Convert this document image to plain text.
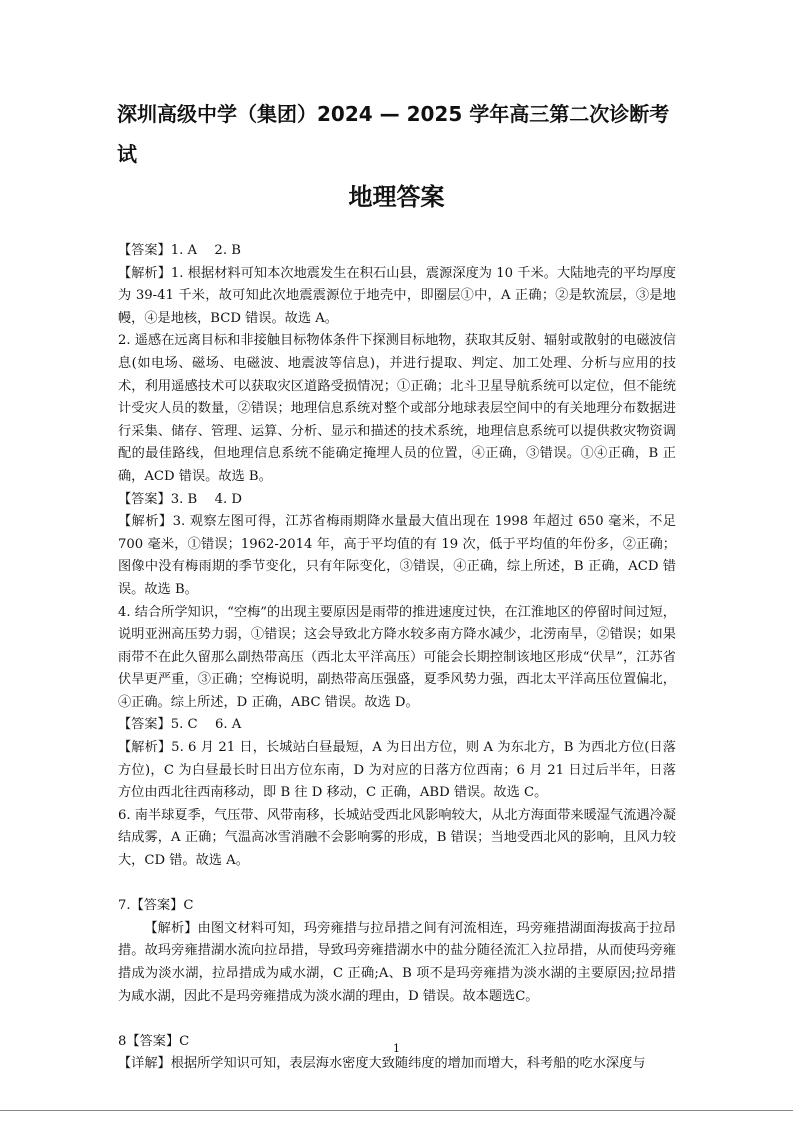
深圳高级中学（集团）2024 — 2025 学年高三第二次诊断考试
地理答案

【答案】1. A　 2. B

【解析】1. 根据材料可知本次地震发生在积石山县，震源深度为 10 千米。大陆地壳的平均厚度为 39-41 千米，故可知此次地震震源位于地壳中，即圈层①中，A 正确；②是软流层，③是地幔，④是地核，BCD 错误。故选 A。

2. 遥感在远离目标和非接触目标物体条件下探测目标地物，获取其反射、辐射或散射的电磁波信息(如电场、磁场、电磁波、地震波等信息)，并进行提取、判定、加工处理、分析与应用的技术，利用遥感技术可以获取灾区道路受损情况；①正确；北斗卫星导航系统可以定位，但不能统计受灾人员的数量，②错误；地理信息系统对整个或部分地球表层空间中的有关地理分布数据进行采集、储存、管理、运算、分析、显示和描述的技术系统，地理信息系统可以提供救灾物资调配的最佳路线，但地理信息系统不能确定掩埋人员的位置，④正确，③错误。①④正确，B 正确，ACD 错误。故选 B。

【答案】3. B　 4. D

【解析】3. 观察左图可得，江苏省梅雨期降水量最大值出现在 1998 年超过 650 毫米，不足 700 毫米，①错误；1962-2014 年，高于平均值的有 19 次，低于平均值的年份多，②正确；图像中没有梅雨期的季节变化，只有年际变化，③错误，④正确，综上所述，B 正确，ACD 错误。故选 B。

4. 结合所学知识，“空梅”的出现主要原因是雨带的推进速度过快，在江淮地区的停留时间过短，说明亚洲高压势力弱，①错误；这会导致北方降水较多南方降水减少，北涝南旱，②错误；如果雨带不在此久留那么副热带高压（西北太平洋高压）可能会长期控制该地区形成“伏旱”，江苏省伏旱更严重，③正确；空梅说明，副热带高压强盛，夏季风势力强，西北太平洋高压位置偏北，④正确。综上所述，D 正确，ABC 错误。故选 D。

【答案】5. C　 6. A

【解析】5. 6 月 21 日，长城站白昼最短，A 为日出方位，则 A 为东北方，B 为西北方位(日落方位)，C 为白昼最长时日出方位东南，D 为对应的日落方位西南；6 月 21 日过后半年，日落方位由西北往西南移动，即 B 往 D 移动，C 正确，ABD 错误。故选 C。

6. 南半球夏季，气压带、风带南移，长城站受西北风影响较大，从北方海面带来暖湿气流遇冷凝结成雾，A 正确；气温高冰雪消融不会影响雾的形成，B 错误；当地受西北风的影响，且风力较大，CD 错。故选 A。

7.【答案】C

【解析】由图文材料可知，玛旁雍措与拉昂措之间有河流相连，玛旁雍措湖面海拔高于拉昂措。故玛旁雍措湖水流向拉昂措，导致玛旁雍措湖水中的盐分随径流汇入拉昂措，从而使玛旁雍措成为淡水湖，拉昂措成为咸水湖，C 正确;A、B 项不是玛旁雍措为淡水湖的主要原因;拉昂措为咸水湖，因此不是玛旁雍措成为淡水湖的理由，D 错误。故本题选C。

8【答案】C

【详解】根据所学知识可知，表层海水密度大致随纬度的增加而增大，科考船的吃水深度与

1
